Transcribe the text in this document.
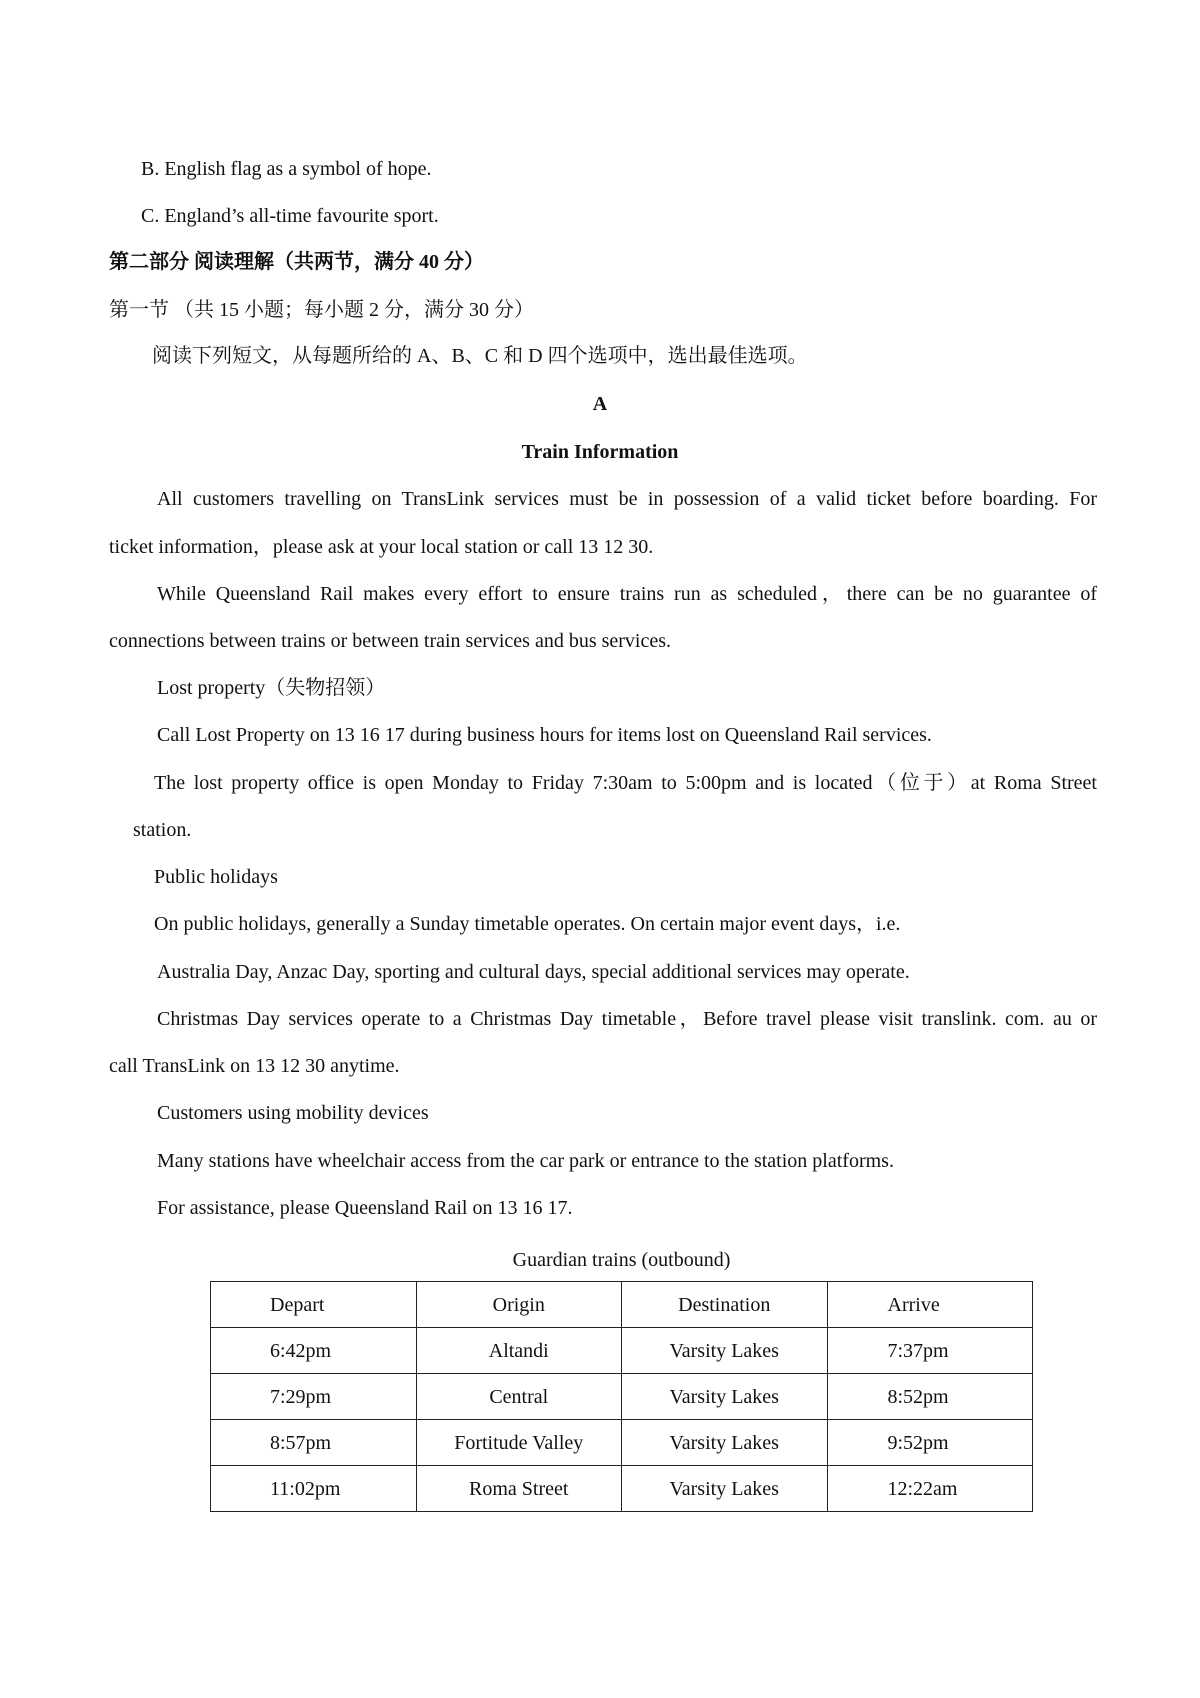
B. English flag as a symbol of hope.
C. England’s all-time favourite sport.
第二部分 阅读理解（共两节，满分 40 分）
第一节 （共 15 小题；每小题 2 分，满分 30 分）
阅读下列短文，从每题所给的 A、B、C 和 D 四个选项中，选出最佳选项。
A
Train Information
All customers travelling on TransLink services must be in possession of a valid ticket before boarding. For
ticket information，please ask at your local station or call 13 12 30.
While Queensland Rail makes every effort to ensure trains run as scheduled，there can be no guarantee of
connections between trains or between train services and bus services.
Lost property（失物招领）
Call Lost Property on 13 16 17 during business hours for items lost on Queensland Rail services.
The lost property office is open Monday to Friday 7:30am to 5:00pm and is located（位于）at Roma Street
station.
Public holidays
On public holidays, generally a Sunday timetable operates. On certain major event days，i.e.
Australia Day, Anzac Day, sporting and cultural days, special additional services may operate.
Christmas Day services operate to a Christmas Day timetable，Before travel please visit translink. com. au or
call TransLink on 13 12 30 anytime.
Customers using mobility devices
Many stations have wheelchair access from the car park or entrance to the station platforms.
For assistance, please Queensland Rail on 13 16 17.
Guardian trains (outbound)
Depart	Origin	Destination	Arrive
6:42pm	Altandi	Varsity Lakes	7:37pm
7:29pm	Central	Varsity Lakes	8:52pm
8:57pm	Fortitude Valley	Varsity Lakes	9:52pm
11:02pm	Roma Street	Varsity Lakes	12:22am
